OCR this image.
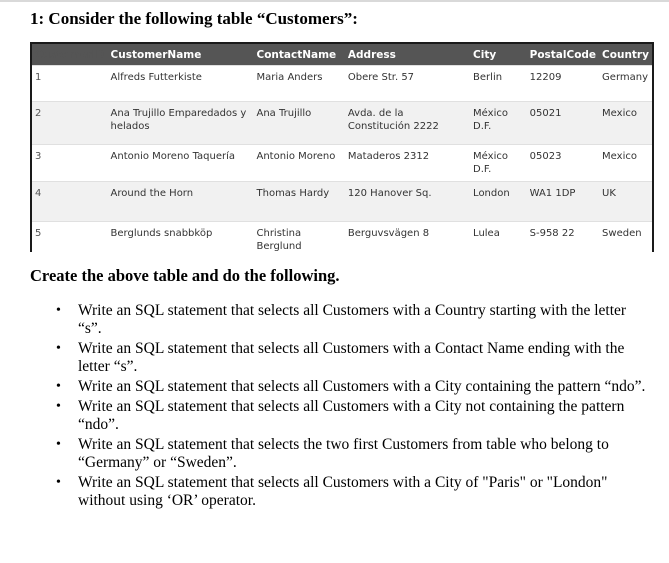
1: Consider the following table “Customers”:
CustomerID	CustomerName	ContactName	Address	City	PostalCode	Country
1	Alfreds Futterkiste	Maria Anders	Obere Str. 57	Berlin	12209	Germany
2	Ana Trujillo Emparedados y helados	Ana Trujillo	Avda. de la Constitución 2222	México D.F.	05021	Mexico
3	Antonio Moreno Taquería	Antonio Moreno	Mataderos 2312	México D.F.	05023	Mexico
4	Around the Horn	Thomas Hardy	120 Hanover Sq.	London	WA1 1DP	UK
5	Berglunds snabbköp	Christina Berglund	Berguvsvägen 8	Lulea	S-958 22	Sweden
Create the above table and do the following.
• Write an SQL statement that selects all Customers with a Country starting with the letter “s”.
• Write an SQL statement that selects all Customers with a Contact Name ending with the letter “s”.
• Write an SQL statement that selects all Customers with a City containing the pattern “ndo”.
• Write an SQL statement that selects all Customers with a City not containing the pattern “ndo”.
• Write an SQL statement that selects the two first Customers from table who belong to “Germany” or “Sweden”.
• Write an SQL statement that selects all Customers with a City of "Paris" or "London" without using ‘OR’ operator.
